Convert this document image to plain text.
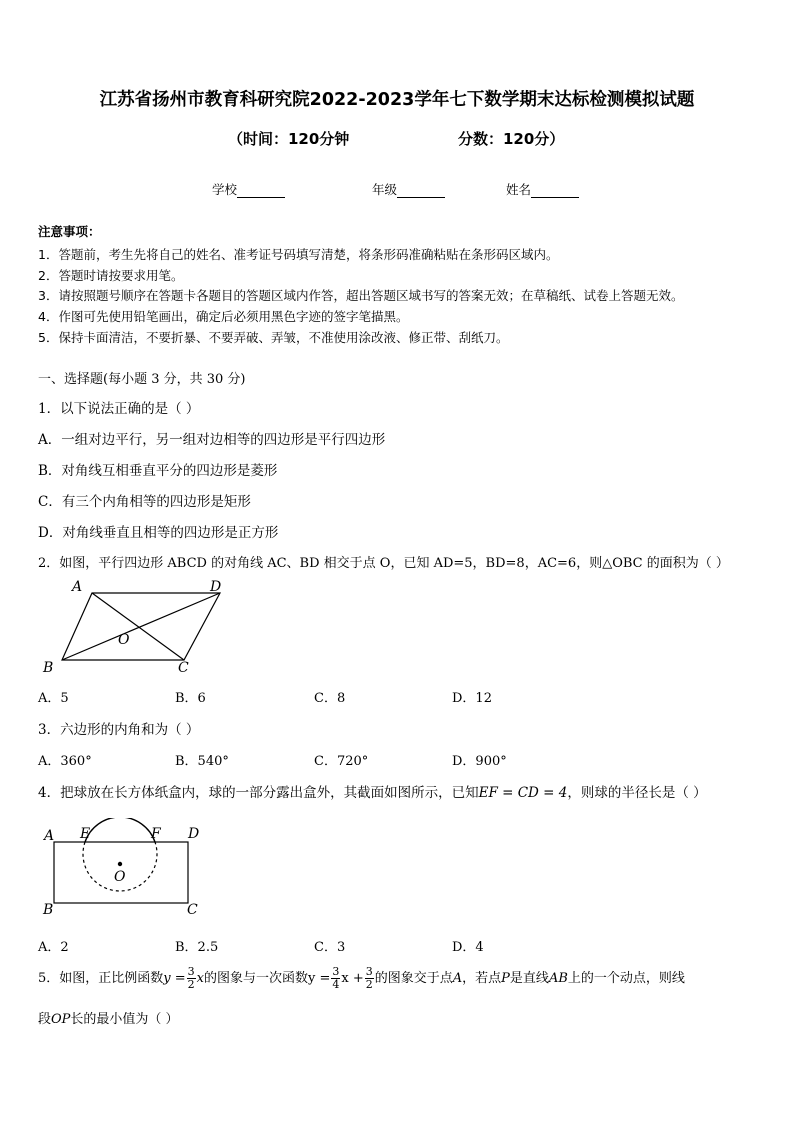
江苏省扬州市教育科研究院2022-2023学年七下数学期末达标检测模拟试题
（时间：120分钟	分数：120分）
学校	年级	姓名
注意事项：
1．答题前，考生先将自己的姓名、准考证号码填写清楚，将条形码准确粘贴在条形码区域内。
2．答题时请按要求用笔。
3．请按照题号顺序在答题卡各题目的答题区域内作答，超出答题区域书写的答案无效；在草稿纸、试卷上答题无效。
4．作图可先使用铅笔画出，确定后必须用黑色字迹的签字笔描黑。
5．保持卡面清洁，不要折暴、不要弄破、弄皱，不准使用涂改液、修正带、刮纸刀。
一、选择题(每小题 3 分，共 30 分)
1．以下说法正确的是（ ）
A．一组对边平行，另一组对边相等的四边形是平行四边形
B．对角线互相垂直平分的四边形是菱形
C．有三个内角相等的四边形是矩形
D．对角线垂直且相等的四边形是正方形
2．如图，平行四边形 ABCD 的对角线 AC、BD 相交于点 O，已知 AD=5，BD=8，AC=6，则△OBC 的面积为（ ）
A	D
O
B	C
A．5	B．6	C．8	D．12
3．六边形的内角和为（ ）
A．360°	B．540°	C．720°	D．900°
4．把球放在长方体纸盒内，球的一部分露出盒外，其截面如图所示，已知EF = CD = 4，则球的半径长是（ ）
A E	F D
O
B	C
A．2	B．2.5	C．3	D．4
5．如图，正比例函数$y = \frac{3}{2}$ x的图象与一次函数$y = \frac{3}{4}$ $x + \frac{3}{2}$ 的图象交于点A，若点P是直线AB上的一个动点，则线
段OP长的最小值为（ ）
